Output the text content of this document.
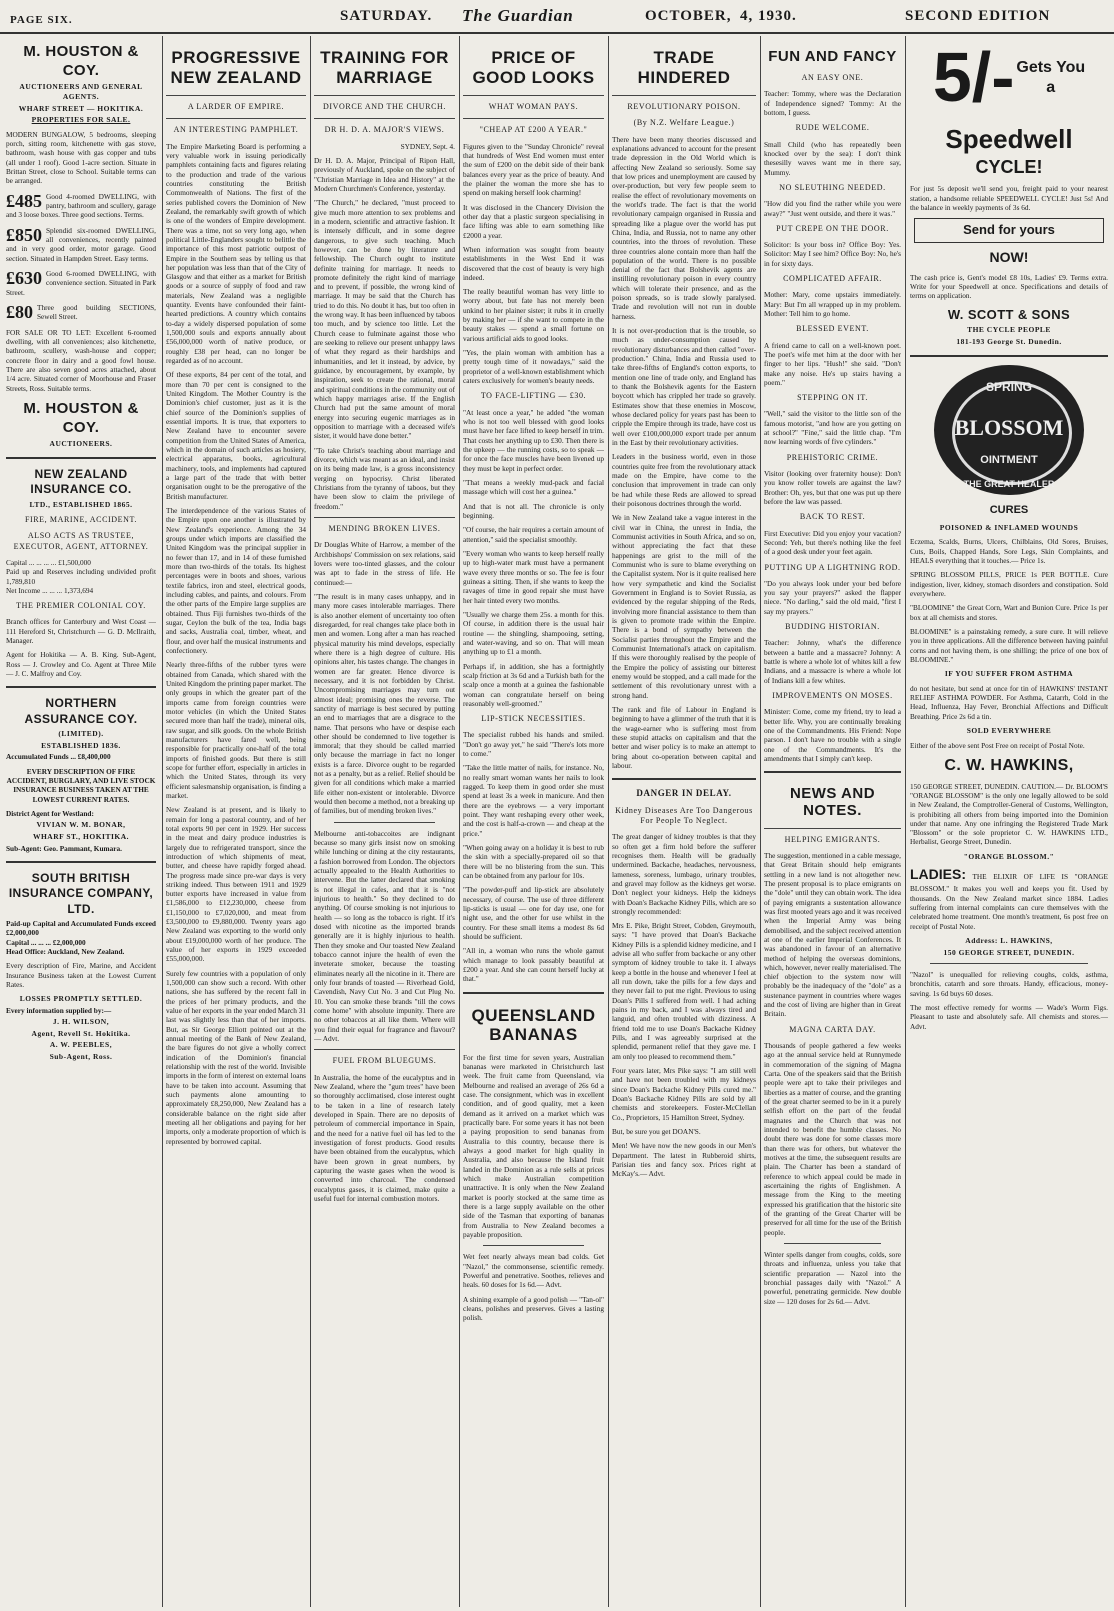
PAGE SIX.	SATURDAY. The Guardian	OCTOBER, 4, 1930.	SECOND EDITION
M. HOUSTON & COY.
AUCTIONEERS AND GENERAL AGENTS.
WHARF STREET — HOKITIKA.
PROPERTIES FOR SALE.

MODERN BUNGALOW, 5 bedrooms, sleeping porch, sitting room, kitchenette with gas stove, bathroom, wash house with gas copper and tubs (all under 1 roof). Good 1-acre section. Situate in Brittan Street, close to School. Suitable terms can be arranged.

£485 Good 4-roomed DWELLING, with pantry, bathroom and scullery, garage and 3 loose boxes. Three good sections. Terms.
£850 Splendid six-roomed DWELLING, all conveniences, recently painted and in very good order, motor garage. Good section. Situated in Hampden Street. Easy terms.
£630 Good 6-roomed DWELLING, with convenience section. Situated in Park Street.
£80 Three good building SECTIONS, Sewell Street.

FOR SALE OR TO LET: Excellent 6-roomed dwelling, with all conveniences; also kitchenette, bathroom, scullery, wash-house and copper; concrete floor in dairy and a good fowl house. There are also seven good acres attached, about 1/4 acre. Situated corner of Moorhouse and Fraser Streets, Ross. Suitable terms.

M. HOUSTON & COY.
AUCTIONEERS.
NEW ZEALAND INSURANCE CO.
LTD., ESTABLISHED 1865.
FIRE, MARINE, ACCIDENT.
ALSO ACTS AS TRUSTEE, EXECUTOR, AGENT, ATTORNEY.
Capital ... ... ... ... £1,500,000
Paid up and Reserves including undivided profit 1,789,810
Net Income ... ... ... 1,373,694
THE PREMIER COLONIAL COY.

Branch offices for Canterbury and West Coast — 111 Hereford St, Christchurch — G. D. McIlraith, Manager.

Agent for Hokitika — A. B. King. Sub-Agent, Ross — J. Crowley and Co. Agent at Three Mile — J. C. Malfroy and Coy.

NORTHERN ASSURANCE COY.
(LIMITED).
ESTABLISHED 1836.
Accumulated Funds ... £8,400,000

EVERY DESCRIPTION OF FIRE ACCIDENT, BURGLARY, AND LIVE STOCK INSURANCE BUSINESS TAKEN AT THE LOWEST CURRENT RATES.

District Agent for Westland:
VIVIAN W. M. BONAR,
WHARF ST., HOKITIKA.
Sub-Agent: Geo. Pammant, Kumara.
SOUTH BRITISH INSURANCE COMPANY, LTD.
Paid-up Capital and Accumulated Funds exceed £2,000,000
Capital ... ... ... £2,000,000
Head Office: Auckland, New Zealand.

Every description of Fire, Marine, and Accident Insurance Business taken at the Lowest Current Rates.

LOSSES PROMPTLY SETTLED.
Every information supplied by:—
J. H. WILSON,
Agent, Revell St. Hokitika.
A. W. PEEBLES,
Sub-Agent, Ross.
PROGRESSIVE NEW ZEALAND
A LARDER OF EMPIRE.
AN INTERESTING PAMPHLET.

The Empire Marketing Board is performing a very valuable work in issuing periodically pamphlets containing facts and figures relating to the production and trade of the various countries constituting the British Commonwealth of Nations. The first of the series published covers the Dominion of New Zealand, the remarkably swift growth of which is one of the wonders of Empire development. There was a time, not so very long ago, when political Little-Englanders sought to belittle the importance of this most patriotic outpost of Empire in the Southern seas by telling us that her population was less than that of the City of Glasgow and that either as a market for British goods or a source of supply of food and raw materials, New Zealand was a negligible quantity. Events have confounded their faint-hearted predictions. A country which contains to-day a widely dispersed population of some 1,500,000 souls and exports annually about £56,000,000 worth of native produce, or roughly £38 per head, can no longer be regarded as of no account.

Of these exports, 84 per cent of the total, and more than 70 per cent is consigned to the United Kingdom. The Mother Country is the Dominion's chief customer, just as it is the chief source of the Dominion's supplies of essential imports. It is true, that exporters to New Zealand have to encounter severe competition from the United States of America, which in the domain of such articles as hosiery, electrical apparatus, books, agricultural machinery, tools, and implements had captured a large part of the trade that with better organisation ought to be the prerogative of the British manufacturer.

The interdependence of the various States of the Empire upon one another is illustrated by New Zealand's experience. Among the 34 groups under which imports are classified the United Kingdom was the principal supplier in no fewer than 17, and in 14 of these furnished more than two-thirds of the totals. Its highest percentages were in boots and shoes, various textile fabrics, iron and steel, electrical goods, including cables, and paints, and colours. From the other parts of the Empire large supplies are obtained. Thus Fiji furnishes two-thirds of the sugar, Ceylon the bulk of the tea, India bags and sacks, Australia coal, timber, wheat, and flour, and over half the musical instruments and confectionery.

Nearly three-fifths of the rubber tyres were obtained from Canada, which shared with the United Kingdom the printing paper market. The only groups in which the greater part of the imports came from foreign countries were motor vehicles (in which the United States secured more than half the trade), mineral oils, raw sugar, and silk goods. On the whole British manufacturers have fared well, being responsible for practically one-half of the total imports of finished goods. But there is still scope for further effort, especially in articles in which the United States, through its very efficient salesmanship organisation, is finding a market.

New Zealand is at present, and is likely to remain for long a pastoral country, and of her total exports 90 per cent in 1929. Her success in the meat and dairy produce industries is largely due to refrigerated transport, since the introduction of which shipments of meat, butter, and cheese have rapidly forged ahead. The progress made since pre-war days is very striking indeed. Thus between 1911 and 1929 butter exports have increased in value from £1,586,000 to £12,230,000, cheese from £1,150,000 to £7,020,000, and meat from £3,500,000 to £9,880,000. Twenty years ago New Zealand was exporting to the world only about £19,000,000 worth of her produce. The value of her exports in 1929 exceeded £55,000,000.

Surely few countries with a population of only 1,500,000 can show such a record. With other nations, she has suffered by the recent fall in the prices of her primary products, and the value of her exports in the year ended March 31 last was slightly less than that of her imports. But, as Sir George Elliott pointed out at the annual meeting of the Bank of New Zealand, the bare figures do not give a wholly correct indication of the Dominion's financial relationship with the rest of the world. Invisible imports in the form of interest on external loans have to be taken into account. Assuming that such payments alone amounting to approximately £8,250,000, New Zealand has a considerable balance on the right side after meeting all her obligations and paying for her imports, only a moderate proportion of which is represented by borrowed capital.

TRAINING FOR MARRIAGE
DIVORCE AND THE CHURCH.
DR H. D. A. MAJOR'S VIEWS.
SYDNEY, Sept. 4.

Dr H. D. A. Major, Principal of Ripon Hall, previously of Auckland, spoke on the subject of "Christian Marriage in Idea and History" at the Modern Churchmen's Conference, yesterday.

"The Church," he declared, "must proceed to give much more attention to sex problems and in a modern, scientific and attractive fashion. It is intensely difficult, and in some degree dangerous, to give such teaching. Much however, can be done by literature and fellowship. The Church ought to institute definite training for marriage. It needs to promote definitely the right kind of marriage and to prevent, if possible, the wrong kind of marriage. It may be said that the Church has tried to do this. No doubt it has, but too often in the wrong way. It has been influenced by taboos too much, and by science too little. Let the Church cease to fulminate against those who are seeking to relieve our present unhappy laws of what they regard as their hardships and inhumanities, and let it instead, by advice, by guidance, by encouragement, by example, by inspiration, seek to create the rational, moral and spiritual conditions in the community out of which happy marriages arise. If the English Church had put the same amount of moral energy into securing eugenic marriages as in opposition to marriage with a deceased wife's sister, it would have done better."

"To take Christ's teaching about marriage and divorce, which was meant as an ideal, and insist on its being made law, is a gross inconsistency verging on hypocrisy. Christ liberated Christians from the tyranny of taboos, but they have been slow to claim the privilege of freedom."

MENDING BROKEN LIVES.

Dr Douglas White of Harrow, a member of the Archbishops' Commission on sex relations, said lovers were too-tinted glasses, and the colour was apt to fade in the stress of life. He continued:—

"The result is in many cases unhappy, and in many more cases intolerable marriages. There is also another element of uncertainty too often disregarded, for real changes take place both in men and women. Long after a man has reached physical maturity his mind develops, especially where there is a high degree of culture. His opinions alter, his tastes change. The changes in women are far greater. Hence divorce is necessary, and it is not forbidden by Christ. Uncompromising marriages may turn out almost ideal; promising ones the reverse. The sanctity of marriage is best secured by putting an end to marriages that are a disgrace to the name. That persons who have or despise each other should be condemned to live together is immoral; that they should be called married only because the marriage in fact no longer exists is a farce. Divorce ought to be regarded not as a penalty, but as a relief. Relief should be given for all conditions which make a married life either non-existent or intolerable. Divorce would then become a method, not a breaking up of families, but of mending broken lives."

Melbourne anti-tobaccoites are indignant because so many girls insist now on smoking while lunching or dining at the city restaurants, a fashion borrowed from London. The objectors actually appealed to the Health Authorities to intervene. But the latter declared that smoking is not illegal in cafes, and that it is "not injurious to health." So they declined to do anything. Of course smoking is not injurious to health — so long as the tobacco is right. If it's dosed with nicotine as the imported brands generally are it is highly injurious to health. Then they smoke and Our toasted New Zealand tobacco cannot injure the health of even the inveterate smoker, because the toasting eliminates nearly all the nicotine in it. There are only four brands of toasted — Riverhead Gold, Cavendish, Navy Cut No. 3 and Cut Plug No. 10. You can smoke these brands "till the cows come home" with absolute impunity. There are no other tobaccos at all like them. Where will you find their equal for fragrance and flavour?— Advt.

FUEL FROM BLUEGUMS.

In Australia, the home of the eucalyptus and in New Zealand, where the "gum trees" have been so thoroughly acclimatised, close interest ought to be taken in a line of research lately developed in Spain. There are no deposits of petroleum of commercial importance in Spain, and the need for a native fuel oil has led to the investigation of forest products. Good results have been obtained from the eucalyptus, which have been grown in great numbers, by capturing the waste gases when the wood is converted into charcoal. The condensed eucalyptus gases, it is claimed, make quite a useful fuel for internal combustion motors.

PRICE OF GOOD LOOKS
WHAT WOMAN PAYS.
"CHEAP AT £200 A YEAR."

Figures given to the "Sunday Chronicle" reveal that hundreds of West End women must enter the sum of £200 on the debit side of their bank balances every year as the price of beauty. And the plainer the woman the more she has to spend on making herself look charming!

It was disclosed in the Chancery Division the other day that a plastic surgeon specialising in face lifting was able to earn something like £2000 a year.

When information was sought from beauty establishments in the West End it was discovered that the cost of beauty is very high indeed.

The really beautiful woman has very little to worry about, but fate has not merely been unkind to her plainer sister; it rubs it in cruelly by making her — if she want to compete in the beauty stakes — spend a small fortune on various artificial aids to good looks.

"Yes, the plain woman with ambition has a pretty tough time of it nowadays," said the proprietor of a well-known establishment which caters exclusively for women's beauty needs.

TO FACE-LIFTING — £30.

"At least once a year," he added "the woman who is not too well blessed with good looks must have her face lifted to keep herself in trim. That costs her anything up to £30. Then there is the upkeep — the running costs, so to speak — for once the face muscles have been livened up they must be kept in perfect order.

"That means a weekly mud-pack and facial massage which will cost her a guinea."

And that is not all. The chronicle is only beginning.

"Of course, the hair requires a certain amount of attention," said the specialist smoothly.

"Every woman who wants to keep herself really up to high-water mark must have a permanent wave every three months or so. The fee is four guineas a sitting. Then, if she wants to keep the ravages of time in good repair she must have her hair tinted every two months.

"Usually we charge them 25s. a month for this. Of course, in addition there is the usual hair routine — the shingling, shampooing, setting, and water-waving, and so on. That will mean anything up to £1 a month.

Perhaps if, in addition, she has a fortnightly scalp friction at 3s 6d and a Turkish bath for the scalp once a month at a guinea the fashionable woman can congratulate herself on being reasonably well-groomed."

LIP-STICK NECESSITIES.

The specialist rubbed his hands and smiled. "Don't go away yet," he said "There's lots more to come."

"Take the little matter of nails, for instance. No, no really smart woman wants her nails to look ragged. To keep them in good order she must spend at least 3s a week in manicure. And then there are the eyebrows — a very important point. They want reshaping every other week, and the cost is half-a-crown — and cheap at the price."

"When going away on a holiday it is best to rub the skin with a specially-prepared oil so that there will be no blistering from the sun. This can be obtained from any parlour for 10s.

"The powder-puff and lip-stick are absolutely necessary, of course. The use of three different lip-sticks is usual — one for day use, one for night use, and the other for use whilst in the country. For these small items a modest 8s 6d should be sufficient.

"All in, a woman who runs the whole gamut which manage to look passably beautiful at £200 a year. And she can count herself lucky at that."

QUEENSLAND BANANAS

For the first time for seven years, Australian bananas were marketed in Christchurch last week. The fruit came from Queensland, via Melbourne and realised an average of 26s 6d a case. The consignment, which was in excellent condition, and of good quality, met a keen demand as it arrived on a market which was practically bare. For some years it has not been a paying proposition to send bananas from Australia to this country, because there is always a good market for high quality in Australia, and also because the Island fruit landed in the Dominion as a rule sells at prices which make Australian competition unattractive. It is only when the New Zealand market is poorly stocked at the same time as there is a large supply available on the other side of the Tasman that exporting of bananas from Australia to New Zealand becomes a payable proposition.

Wet feet nearly always mean bad colds. Get "Nazol," the commonsense, scientific remedy. Powerful and penetrative. Soothes, relieves and heals. 60 doses for 1s 6d.— Advt.

A shining example of a good polish — "Tan-ol" cleans, polishes and preserves. Gives a lasting polish.

TRADE HINDERED
REVOLUTIONARY POISON.
(By N.Z. Welfare League.)

There have been many theories discussed and explanations advanced to account for the present trade depression in the Old World which is affecting New Zealand so seriously. Some say that low prices and unemployment are caused by over-production, but very few people seem to realise the effect of revolutionary movements on the world's trade. The fact is that the world revolutionary campaign organised in Russia and spreading like a plague over the world has put China, India, and Russia, not to name any other countries, into the throes of revolution. These three countries alone contain more than half the population of the world. There is no possible denial of the fact that Bolshevik agents are instilling revolutionary poison in every country which will tolerate their presence, and as the poison spreads, so is trade slowly paralysed. Trade and revolution will not run in double harness.

It is not over-production that is the trouble, so much as under-consumption caused by revolutionary disturbances and then called "over-production." China, India and Russia used to take three-fifths of England's cotton exports, to mention one line of trade only, and England has to thank the Bolshevik agents for the Eastern boycott which has crippled her trade so gravely. Estimates show that these enemies in Moscow, whose declared policy for years past has been to cripple the Empire through its trade, have cost us well over £100,000,000 export trade per annum in the East by their revolutionary activities.

Leaders in the business world, even in those countries quite free from the revolutionary attack made on the Empire, have come to the conclusion that improvement in trade can only be had while these Reds are allowed to spread their poisonous doctrines through the world.

We in New Zealand take a vague interest in the civil war in China, the unrest in India, the Communist activities in South Africa, and so on, without appreciating the fact that these happenings are grist to the mill of the Communist who is sure to blame everything on the Capitalist system. Nor is it quite realised here how very sympathetic and kind the Socialist Government in England is to Soviet Russia, as evidenced by the regular shipping of the Reds, involving more financial assistance to them than is given to promote trade within the Empire. There is a bond of sympathy between the Socialist parties throughout the Empire and the Communist International's attack on capitalism. If this were thoroughly realised by the people of the Empire the policy of assisting our bitterest enemy would be stopped, and a call made for the settlement of this revolutionary unrest with a strong hand.

The rank and file of Labour in England is beginning to have a glimmer of the truth that it is the wage-earner who is suffering most from these stupid attacks on capitalism and that the better and wiser policy is to make an attempt to bring about co-operation between capital and labour.

DANGER IN DELAY.
Kidney Diseases Are Too Dangerous For People To Neglect.

The great danger of kidney troubles is that they so often get a firm hold before the sufferer recognises them. Health will be gradually undermined. Backache, headaches, nervousness, lameness, soreness, lumbago, urinary troubles, and gravel may follow as the kidneys get worse. Don't neglect your kidneys. Help the kidneys with Doan's Backache Kidney Pills, which are so strongly recommended:

Mrs E. Pike, Bright Street, Cobden, Greymouth, says: "I have proved that Doan's Backache Kidney Pills is a splendid kidney medicine, and I advise all who suffer from backache or any other symptom of kidney trouble to take it. I always keep a bottle in the house and whenever I feel at all run down, take the pills for a few days and they never fail to put me right. Previous to using Doan's Pills I suffered from well. I had aching pains in my back, and I was always tired and languid, and often troubled with dizziness. A friend told me to use Doan's Backache Kidney Pills, and I was agreeably surprised at the splendid, permanent relief that they gave me. I am only too pleased to recommend them."

Four years later, Mrs Pike says: "I am still well and have not been troubled with my kidneys since Doan's Backache Kidney Pills cured me." Doan's Backache Kidney Pills are sold by all chemists and storekeepers. Foster-McClellan Co., Proprietors, 15 Hamilton Street, Sydney.

But, be sure you get DOAN'S.

Men! We have now the new goods in our Men's Department. The latest in Rubberoid shirts, Parisian ties and fancy sox. Prices right at McKay's.— Advt.

FUN AND FANCY
AN EASY ONE.

Teacher: Tommy, where was the Declaration of Independence signed? Tommy: At the bottom, I guess.

RUDE WELCOME.

Small Child (who has repeatedly been knocked over by the sea): I don't think thesesilly waves want me in there say, Mummy.

NO SLEUTHING NEEDED.

"How did you find the rather while you were away?" "Just went outside, and there it was."

PUT CREPE ON THE DOOR.

Solicitor: Is your boss in? Office Boy: Yes. Solicitor: May I see him? Office Boy: No, he's in for sixty days.

COMPLICATED AFFAIR.

Mother: Mary, come upstairs immediately. Mary: But I'm all wrapped up in my problem. Mother: Tell him to go home.

BLESSED EVENT.

A friend came to call on a well-known poet. The poet's wife met him at the door with her finger to her lips. "Hush!" she said. "Don't make any noise. He's up stairs having a poem."

STEPPING ON IT.

"Well," said the visitor to the little son of the famous motorist, "and how are you getting on at school?" "Fine," said the little chap. "I'm now learning words of five cylinders."

PREHISTORIC CRIME.

Visitor (looking over fraternity house): Don't you know roller towels are against the law? Brother: Oh, yes, but that one was put up there before the law was passed.

BACK TO REST.

First Executive: Did you enjoy your vacation? Second: Yeh, but there's nothing like the feel of a good desk under your feet again.

PUTTING UP A LIGHTNING ROD.

"Do you always look under your bed before you say your prayers?" asked the flapper niece. "No darling," said the old maid, "first I say my prayers."

BUDDING HISTORIAN.

Teacher: Johnny, what's the difference between a battle and a massacre? Johnny: A battle is where a whole lot of whites kill a few Indians, and a massacre is where a whole lot of Indians kill a few whites.

IMPROVEMENTS ON MOSES.

Minister: Come, come my friend, try to lead a better life. Why, you are continually breaking one of the Commandments. His Friend: Nope parson. I don't have no trouble with a single one of the Commandments. It's the amendments that I simply can't keep.

NEWS AND NOTES.
HELPING EMIGRANTS.

The suggestion, mentioned in a cable message, that Great Britain should help emigrants settling in a new land is not altogether new. The present proposal is to place emigrants on the "dole" until they can obtain work. The idea of paying emigrants a sustentation allowance was first mooted years ago and it was received when the Imperial Army was being demobilised, and the subject received attention at one of the earlier Imperial Conferences. It was abandoned in favour of an alternative method of helping the overseas dominions, which, however, never really materialised. The chief objection to the system now will probably be the inadequacy of the "dole" as a sustenance payment in countries where wages and the cost of living are higher than in Great Britain.

MAGNA CARTA DAY.

Thousands of people gathered a few weeks ago at the annual service held at Runnymede in commemoration of the signing of Magna Carta. One of the speakers said that the British people were apt to take their privileges and liberties as a matter of course, and the granting of the great charter seemed to be in it a purely selfish effort on the part of the feudal magnates and the Church that was not intended to benefit the humble classes. No doubt there was done for some classes more than there was for others, but whatever the motives at the time, the subsequent results are plain. The Charter has been a standard of reference to which appeal could be made in ascertaining the rights of Englishmen. A message from the King to the meeting expressed his gratification that the historic site of the granting of the Great Charter will be preserved for all time for the use of the British people.

Winter spells danger from coughs, colds, sore throats and influenza, unless you take that scientific preparation — Nazol into the bronchial passages daily with "Nazol." A powerful, penetrating germicide. New double size — 120 doses for 2s 6d.— Advt.

5/- Gets You
a
Speedwell
CYCLE!

For just 5s deposit we'll send you, freight paid to your nearest station, a handsome reliable SPEEDWELL CYCLE! Just 5s! And the balance in weekly payments of 3s 6d.

Send for yours
NOW!

The cash price is, Gent's model £8 10s, Ladies' £9. Terms extra. Write for your Speedwell at once. Specifications and details of terms on application.

W. SCOTT & SONS
THE CYCLE PEOPLE
181-193 George St. Dunedin.
SPRING
BLOSSOM
OINTMENT
THE GREAT HEALER
CURES
POISONED & INFLAMED WOUNDS

Eczema, Scalds, Burns, Ulcers, Chilblains, Old Sores, Bruises, Cuts, Boils, Chapped Hands, Sore Legs, Skin Complaints, and HEALS everything that it touches.— Price 1s.

SPRING BLOSSOM PILLS, PRICE 1s PER BOTTLE. Cure indigestion, liver, kidney, stomach disorders and constipation. Sold everywhere.

"BLOOMINE" the Great Corn, Wart and Bunion Cure. Price 1s per box at all chemists and stores.

BLOOMINE" is a painstaking remedy, a sure cure. It will relieve you in three applications. All the difference between having painful corns and not having them, is one shilling; the price of one box of BLOOMINE."

IF YOU SUFFER FROM ASTHMA

do not hesitate, but send at once for tin of HAWKINS' INSTANT RELIEF ASTHMA POWDER. For Asthma, Catarrh, Cold in the Head, Influenza, Hay Fever, Bronchial Affections and Difficult Breathing. Price 2s 6d a tin.

SOLD EVERYWHERE

Either of the above sent Post Free on receipt of Postal Note.

C. W. HAWKINS,

150 GEORGE STREET, DUNEDIN. CAUTION.— Dr. BLOOM'S "ORANGE BLOSSOM" is the only one legally allowed to be sold in New Zealand, the Comptroller-General of Customs, Wellington, is prohibiting all others from being imported into the Dominion under that name. Any one infringing the Registered Trade Mark "Blossom" or the sole proprietor C. W. HAWKINS LTD., Herbalist, George Street, Dunedin.

"ORANGE BLOSSOM."

LADIES: THE ELIXIR OF LIFE IS "ORANGE BLOSSOM." It makes you well and keeps you fit. Used by thousands. On the New Zealand market since 1884. Ladies suffering from internal complaints can cure themselves with the celebrated home treatment. One month's treatment, 6s post free on receipt of Postal Note.

Address: L. HAWKINS,
150 GEORGE STREET, DUNEDIN.

"Nazol" is unequalled for relieving coughs, colds, asthma, bronchitis, catarrh and sore throats. Handy, efficacious, money-saving. 1s 6d buys 60 doses.

The most effective remedy for worms — Wade's Worm Figs. Pleasant to taste and absolutely safe. All chemists and stores.— Advt.
